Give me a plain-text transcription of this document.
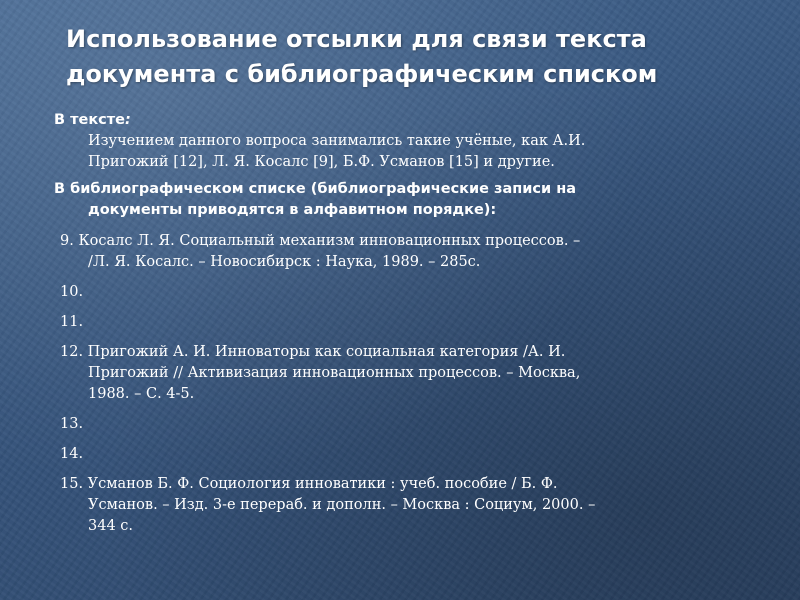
Использование отсылки для связи текста
документа с библиографическим списком
В тексте:
Изучением данного вопроса занимались такие учёные, как А.И.
Пригожий [12], Л. Я. Косалс [9], Б.Ф. Усманов [15] и другие.
В библиографическом списке (библиографические записи на
документы приводятся в алфавитном порядке):
9. Косалс Л. Я. Социальный механизм инновационных процессов. –
/Л. Я. Косалс. – Новосибирск : Наука, 1989. – 285с.
10.
11.
12. Пригожий А. И. Инноваторы как социальная категория /А. И.
Пригожий // Активизация инновационных процессов. – Москва,
1988. – С. 4-5.
13.
14.
15. Усманов Б. Ф. Социология инноватики : учеб. пособие / Б. Ф.
Усманов. – Изд. 3-е перераб. и дополн. – Москва : Социум, 2000. –
344 с.
